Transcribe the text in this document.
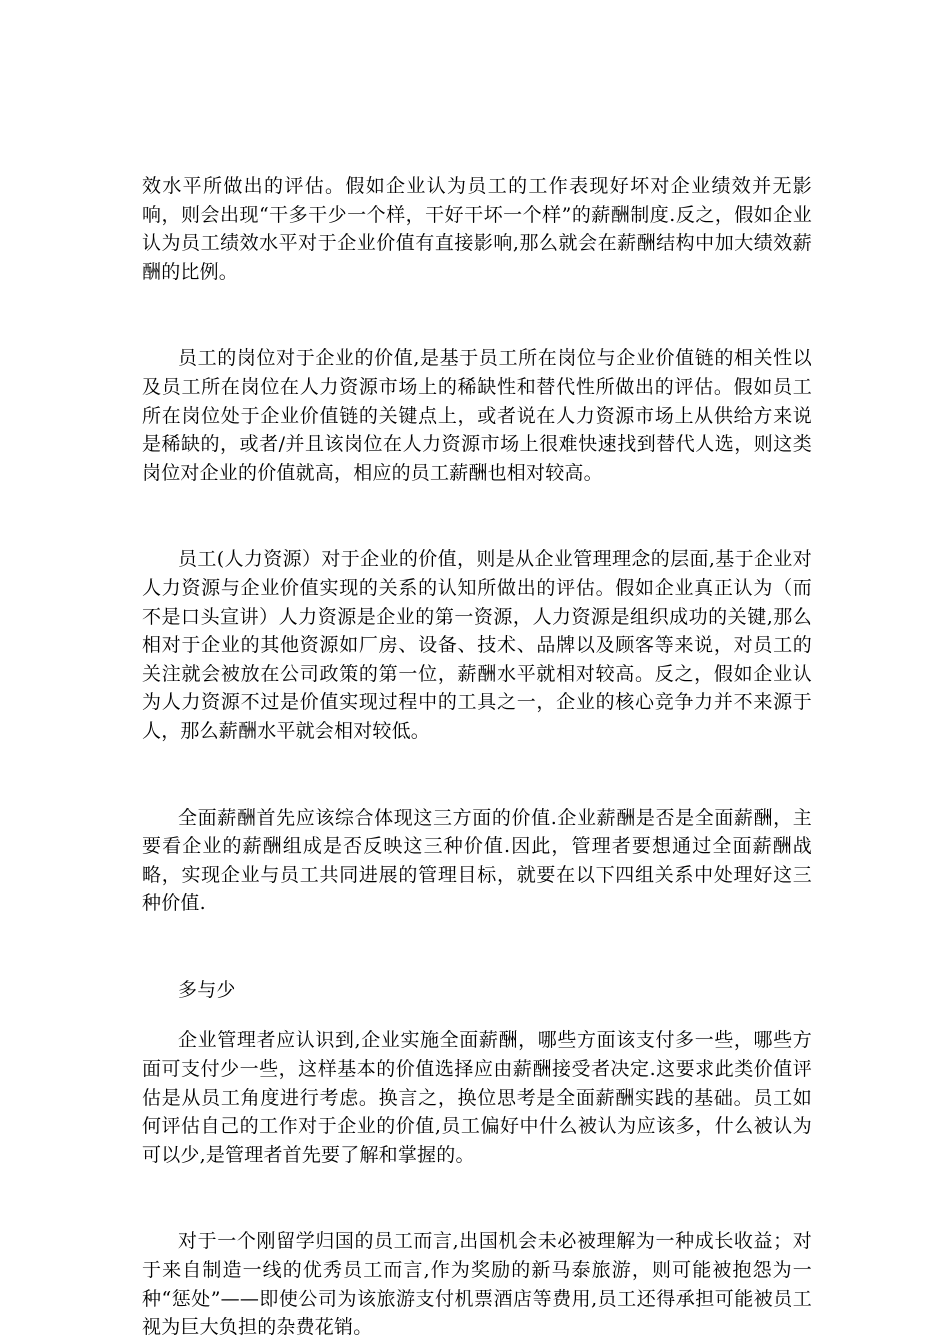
效水平所做出的评估。假如企业认为员工的工作表现好坏对企业绩效并无影响，则会出现“干多干少一个样，干好干坏一个样”的薪酬制度.反之，假如企业认为员工绩效水平对于企业价值有直接影响,那么就会在薪酬结构中加大绩效薪酬的比例。

员工的岗位对于企业的价值,是基于员工所在岗位与企业价值链的相关性以及员工所在岗位在人力资源市场上的稀缺性和替代性所做出的评估。假如员工所在岗位处于企业价值链的关键点上，或者说在人力资源市场上从供给方来说是稀缺的，或者/并且该岗位在人力资源市场上很难快速找到替代人选，则这类岗位对企业的价值就高，相应的员工薪酬也相对较高。

员工(人力资源）对于企业的价值，则是从企业管理理念的层面,基于企业对人力资源与企业价值实现的关系的认知所做出的评估。假如企业真正认为（而不是口头宣讲）人力资源是企业的第一资源，人力资源是组织成功的关键,那么相对于企业的其他资源如厂房、设备、技术、品牌以及顾客等来说，对员工的关注就会被放在公司政策的第一位，薪酬水平就相对较高。反之，假如企业认为人力资源不过是价值实现过程中的工具之一，企业的核心竞争力并不来源于人，那么薪酬水平就会相对较低。

全面薪酬首先应该综合体现这三方面的价值.企业薪酬是否是全面薪酬，主要看企业的薪酬组成是否反映这三种价值.因此，管理者要想通过全面薪酬战略，实现企业与员工共同进展的管理目标，就要在以下四组关系中处理好这三种价值.

多与少

企业管理者应认识到,企业实施全面薪酬，哪些方面该支付多一些，哪些方面可支付少一些，这样基本的价值选择应由薪酬接受者决定.这要求此类价值评估是从员工角度进行考虑。换言之，换位思考是全面薪酬实践的基础。员工如何评估自己的工作对于企业的价值,员工偏好中什么被认为应该多，什么被认为可以少,是管理者首先要了解和掌握的。

对于一个刚留学归国的员工而言,出国机会未必被理解为一种成长收益；对于来自制造一线的优秀员工而言,作为奖励的新马泰旅游，则可能被抱怨为一种“惩处”——即使公司为该旅游支付机票酒店等费用,员工还得承担可能被员工视为巨大负担的杂费花销。
